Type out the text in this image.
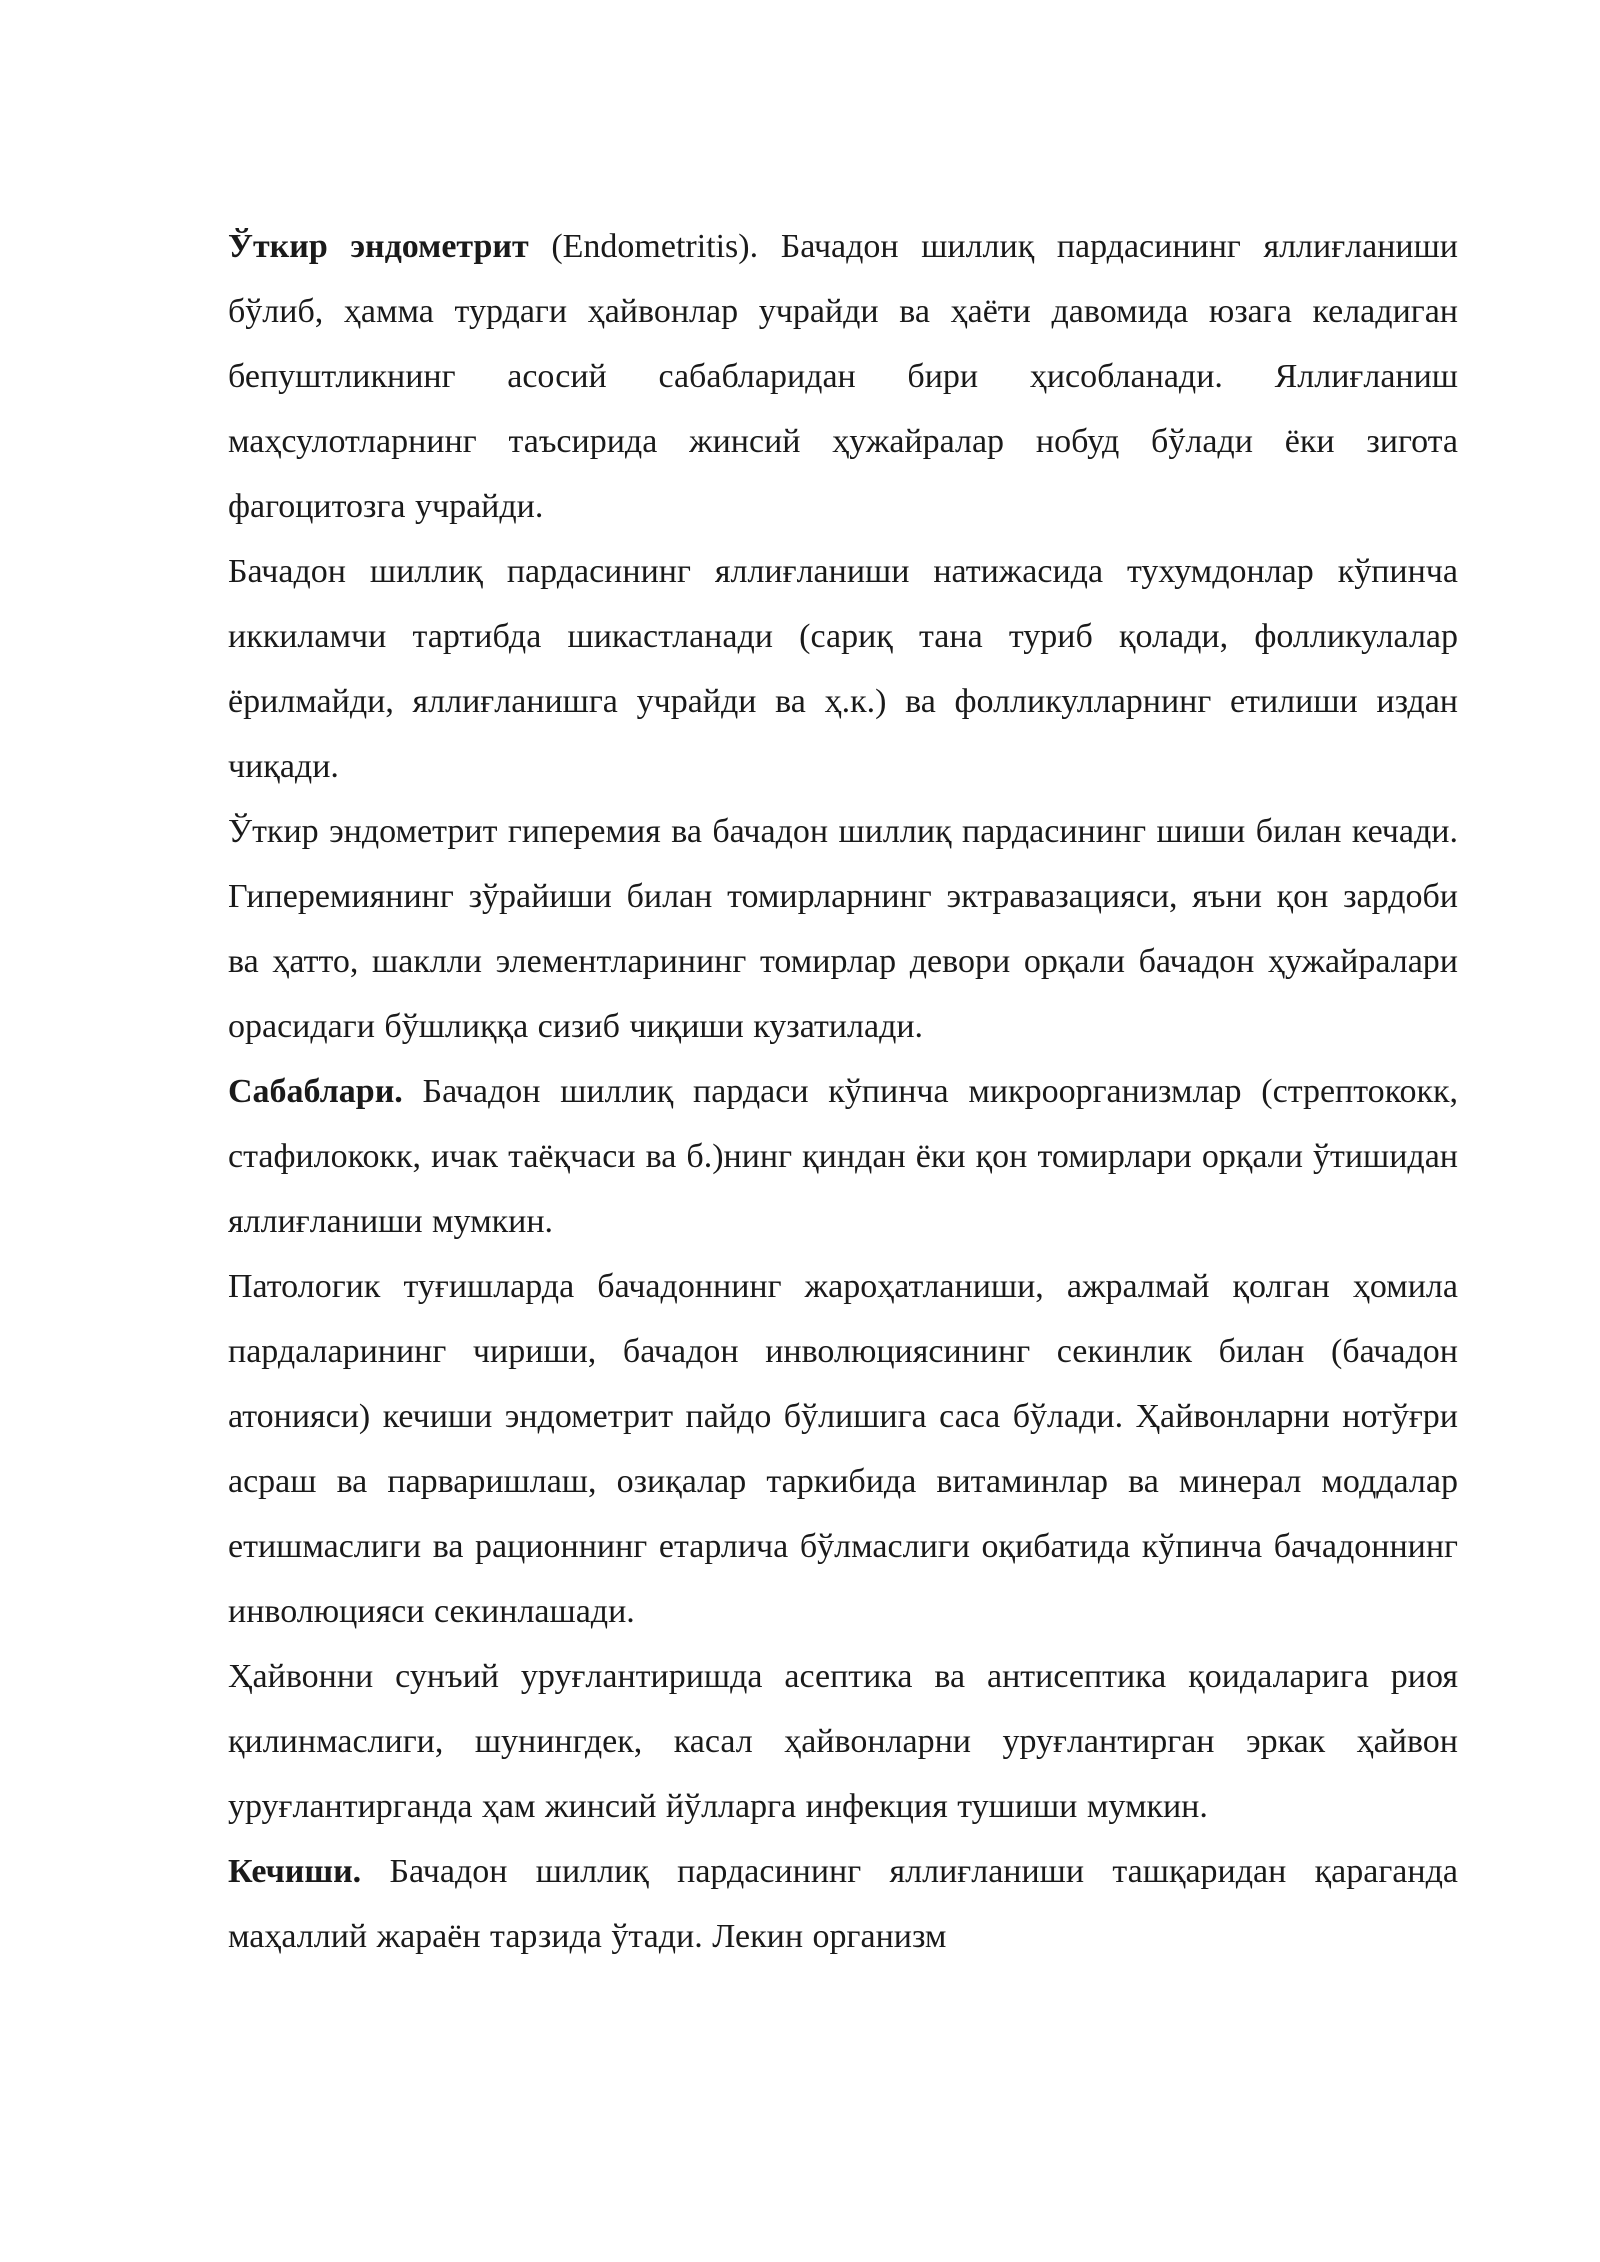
Ўткир эндометрит (Endometritis). Бачадон шиллиқ пардасининг яллиғланиши бўлиб, ҳамма турдаги ҳайвонлар учрайди ва ҳаёти давомида юзага келадиган бепуштликнинг асосий сабабларидан бири ҳисобланади. Яллиғланиш маҳсулотларнинг таъсирида жинсий ҳужайралар нобуд бўлади ёки зигота фагоцитозга учрайди.

Бачадон шиллиқ пардасининг яллиғланиши натижасида тухумдонлар кўпинча иккиламчи тартибда шикастланади (сариқ тана туриб қолади, фолликулалар ёрилмайди, яллиғланишга учрайди ва ҳ.к.) ва фолликулларнинг етилиши издан чиқади.

Ўткир эндометрит гиперемия ва бачадон шиллиқ пардасининг шиши билан кечади. Гиперемиянинг зўрайиши билан томирларнинг эктравазацияси, яъни қон зардоби ва ҳатто, шаклли элементларининг томирлар девори орқали бачадон ҳужайралари орасидаги бўшлиққа сизиб чиқиши кузатилади.

Сабаблари. Бачадон шиллиқ пардаси кўпинча микроорганизмлар (стрептококк, стафилококк, ичак таёқчаси ва б.)нинг қиндан ёки қон томирлари орқали ўтишидан яллиғланиши мумкин.

Патологик туғишларда бачадоннинг жароҳатланиши, ажралмай қолган ҳомила пардаларининг чириши, бачадон инволюциясининг секинлик билан (бачадон атонияси) кечиши эндометрит пайдо бўлишига саса бўлади. Ҳайвонларни нотўғри асраш ва парваришлаш, озиқалар таркибида витаминлар ва минерал моддалар етишмаслиги ва рационнинг етарлича бўлмаслиги оқибатида кўпинча бачадоннинг инволюцияси секинлашади.

Ҳайвонни сунъий уруғлантиришда асептика ва антисептика қоидаларига риоя қилинмаслиги, шунингдек, касал ҳайвонларни уруғлантирган эркак ҳайвон уруғлантирганда ҳам жинсий йўлларга инфекция тушиши мумкин.

Кечиши. Бачадон шиллиқ пардасининг яллиғланиши ташқаридан қараганда маҳаллий жараён тарзида ўтади. Лекин организм
